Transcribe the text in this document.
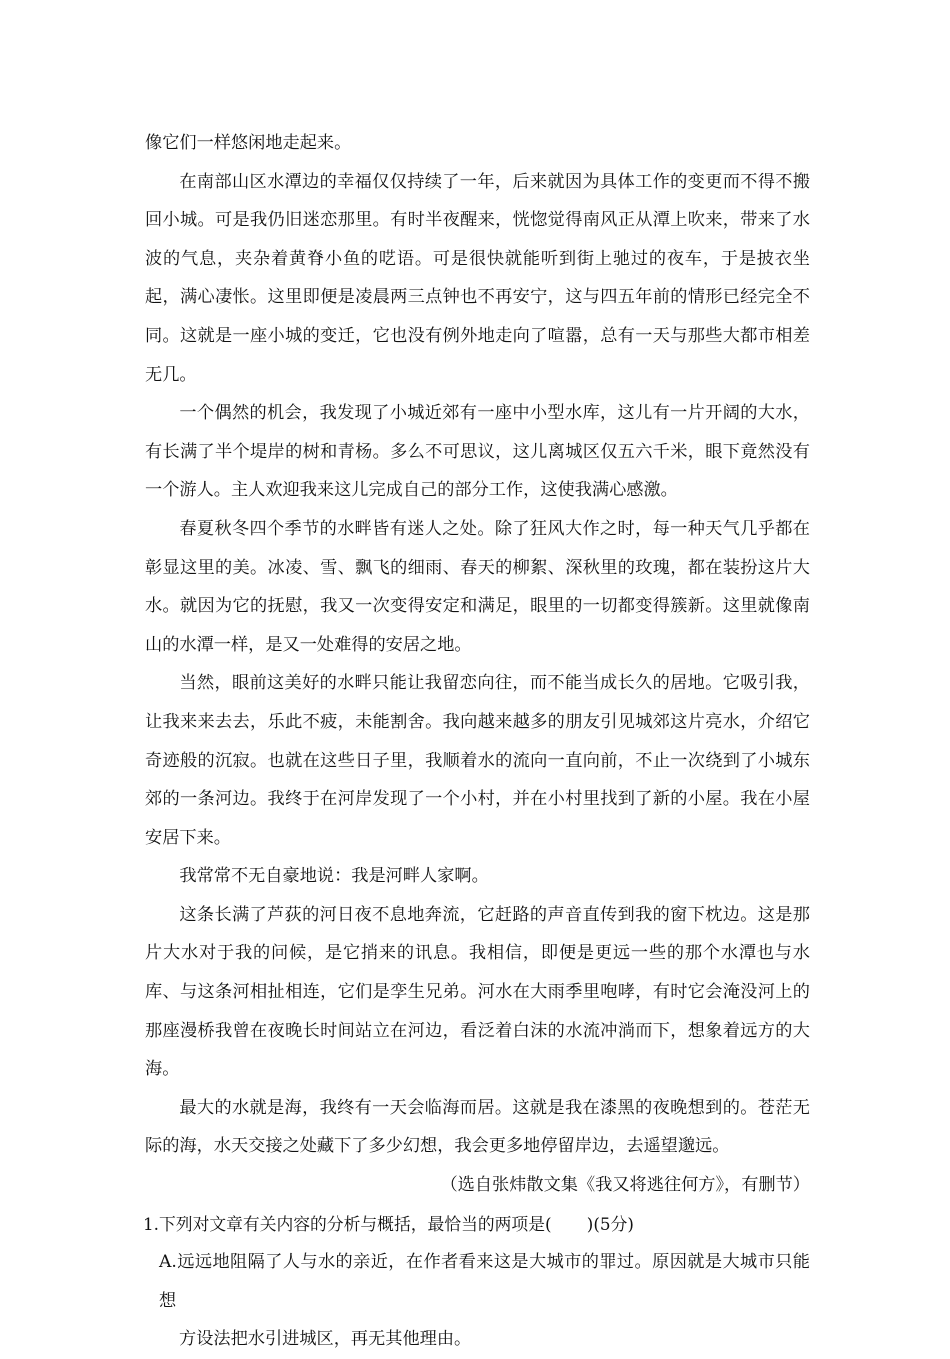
像它们一样悠闲地走起来。

在南部山区水潭边的幸福仅仅持续了一年，后来就因为具体工作的变更而不得不搬回小城。可是我仍旧迷恋那里。有时半夜醒来，恍惚觉得南风正从潭上吹来，带来了水波的气息，夹杂着黄脊小鱼的呓语。可是很快就能听到街上驰过的夜车，于是披衣坐起，满心凄怅。这里即便是凌晨两三点钟也不再安宁，这与四五年前的情形已经完全不同。这就是一座小城的变迁，它也没有例外地走向了喧嚣，总有一天与那些大都市相差无几。

一个偶然的机会，我发现了小城近郊有一座中小型水库，这儿有一片开阔的大水，有长满了半个堤岸的树和青杨。多么不可思议，这儿离城区仅五六千米，眼下竟然没有一个游人。主人欢迎我来这儿完成自己的部分工作，这使我满心感激。

春夏秋冬四个季节的水畔皆有迷人之处。除了狂风大作之时，每一种天气几乎都在彰显这里的美。冰凌、雪、飘飞的细雨、春天的柳絮、深秋里的玫瑰，都在装扮这片大水。就因为它的抚慰，我又一次变得安定和满足，眼里的一切都变得簇新。这里就像南山的水潭一样，是又一处难得的安居之地。

当然，眼前这美好的水畔只能让我留恋向往，而不能当成长久的居地。它吸引我，让我来来去去，乐此不疲，未能割舍。我向越来越多的朋友引见城郊这片亮水，介绍它奇迹般的沉寂。也就在这些日子里，我顺着水的流向一直向前，不止一次绕到了小城东郊的一条河边。我终于在河岸发现了一个小村，并在小村里找到了新的小屋。我在小屋安居下来。

我常常不无自豪地说：我是河畔人家啊。

这条长满了芦荻的河日夜不息地奔流，它赶路的声音直传到我的窗下枕边。这是那片大水对于我的问候，是它捎来的讯息。我相信，即便是更远一些的那个水潭也与水库、与这条河相扯相连，它们是孪生兄弟。河水在大雨季里咆哮，有时它会淹没河上的那座漫桥我曾在夜晚长时间站立在河边，看泛着白沫的水流冲淌而下，想象着远方的大海。

最大的水就是海，我终有一天会临海而居。这就是我在漆黑的夜晚想到的。苍茫无际的海，水天交接之处藏下了多少幻想，我会更多地停留岸边，去遥望邈远。

（选自张炜散文集《我又将逃往何方》，有删节）

1.下列对文章有关内容的分析与概括，最恰当的两项是( )(5分)

A.远远地阻隔了人与水的亲近，在作者看来这是大城市的罪过。原因就是大城市只能想
方设法把水引进城区，再无其他理由。
